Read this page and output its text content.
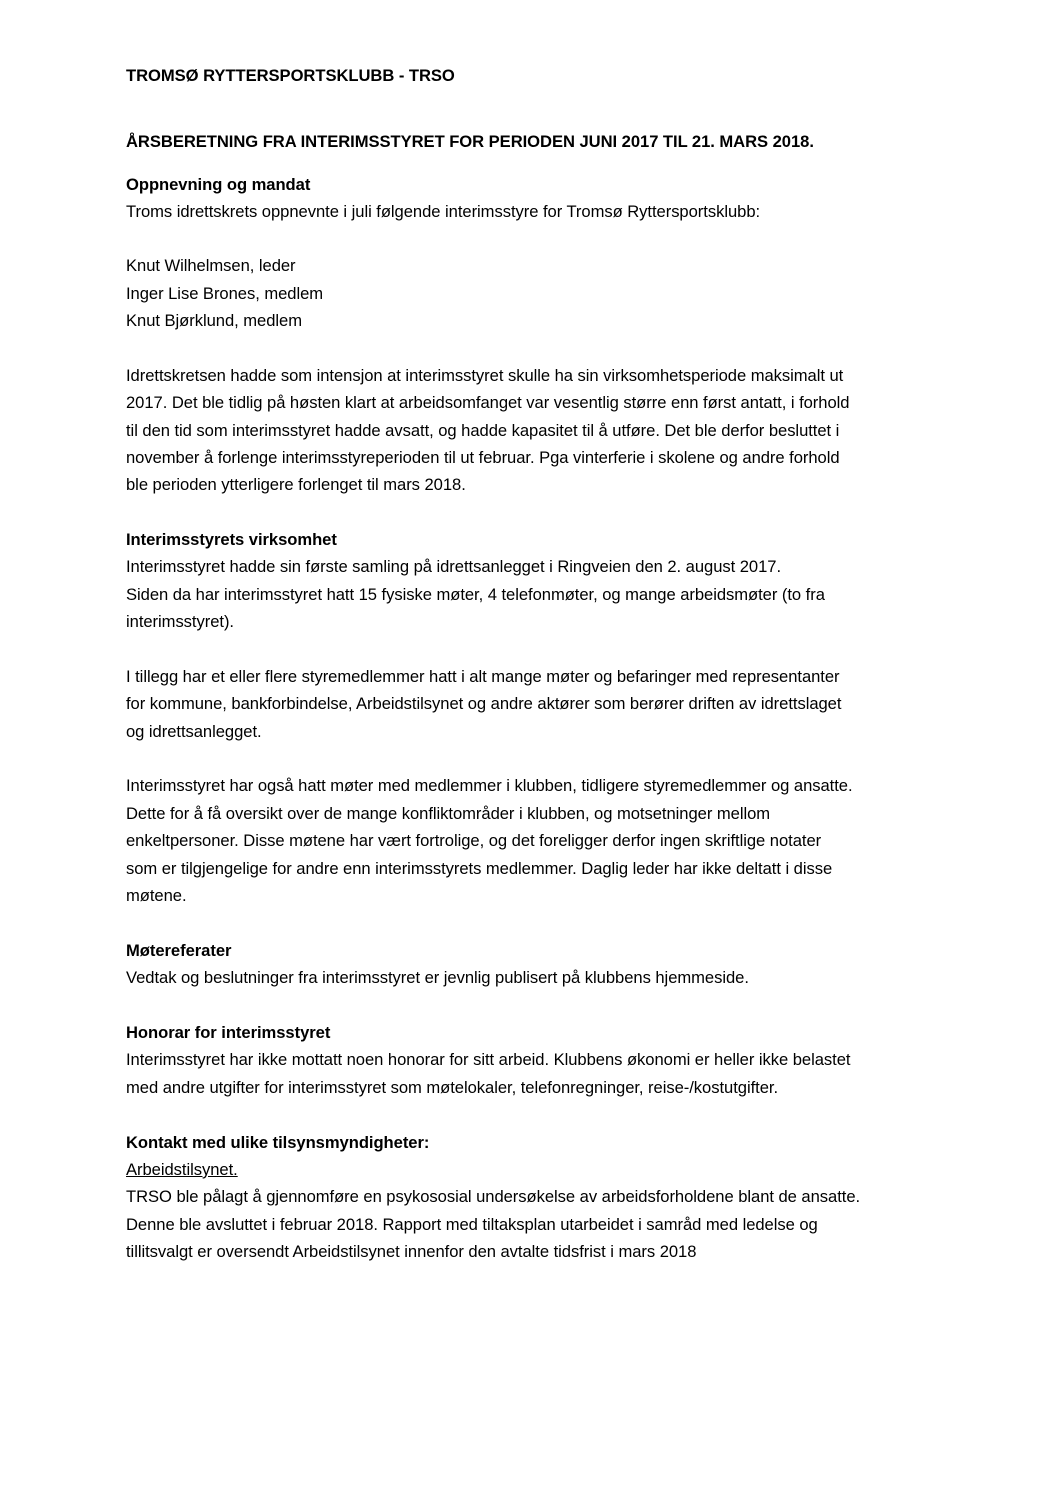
TROMSØ RYTTERSPORTSKLUBB - TRSO
ÅRSBERETNING FRA INTERIMSSTYRET FOR PERIODEN JUNI 2017 TIL 21. MARS 2018.
Oppnevning og mandat
Troms idrettskrets oppnevnte i juli følgende interimsstyre for Tromsø Ryttersportsklubb:
Knut Wilhelmsen, leder
Inger Lise Brones, medlem
Knut Bjørklund, medlem
Idrettskretsen hadde som intensjon at interimsstyret skulle ha sin virksomhetsperiode maksimalt ut
2017. Det ble tidlig på høsten klart at arbeidsomfanget var vesentlig større enn først antatt, i forhold
til den tid som interimsstyret hadde avsatt, og hadde kapasitet til å utføre. Det ble derfor besluttet i
november å forlenge interimsstyreperioden til ut februar. Pga vinterferie i skolene og andre forhold
ble perioden ytterligere forlenget til mars 2018.
Interimsstyrets virksomhet
Interimsstyret hadde sin første samling på idrettsanlegget i Ringveien den 2. august 2017.
Siden da har interimsstyret hatt 15 fysiske møter, 4 telefonmøter, og mange arbeidsmøter (to fra
interimsstyret).
I tillegg har et eller flere styremedlemmer hatt i alt mange møter og befaringer med representanter
for kommune, bankforbindelse, Arbeidstilsynet og andre aktører som berører driften av idrettslaget
og idrettsanlegget.
Interimsstyret har også hatt møter med medlemmer i klubben, tidligere styremedlemmer og ansatte.
Dette for å få oversikt over de mange konfliktområder i klubben, og motsetninger mellom
enkeltpersoner. Disse møtene har vært fortrolige, og det foreligger derfor ingen skriftlige notater
som er tilgjengelige for andre enn interimsstyrets medlemmer. Daglig leder har ikke deltatt i disse
møtene.
Møtereferater
Vedtak og beslutninger fra interimsstyret er jevnlig publisert på klubbens hjemmeside.
Honorar for interimsstyret
Interimsstyret har ikke mottatt noen honorar for sitt arbeid. Klubbens økonomi er heller ikke belastet
med andre utgifter for interimsstyret som møtelokaler, telefonregninger, reise-/kostutgifter.
Kontakt med ulike tilsynsmyndigheter:
Arbeidstilsynet.
TRSO ble pålagt å gjennomføre en psykososial undersøkelse av arbeidsforholdene blant de ansatte.
Denne ble avsluttet i februar 2018. Rapport med tiltaksplan utarbeidet i samråd med ledelse og
tillitsvalgt er oversendt Arbeidstilsynet innenfor den avtalte tidsfrist i mars 2018
